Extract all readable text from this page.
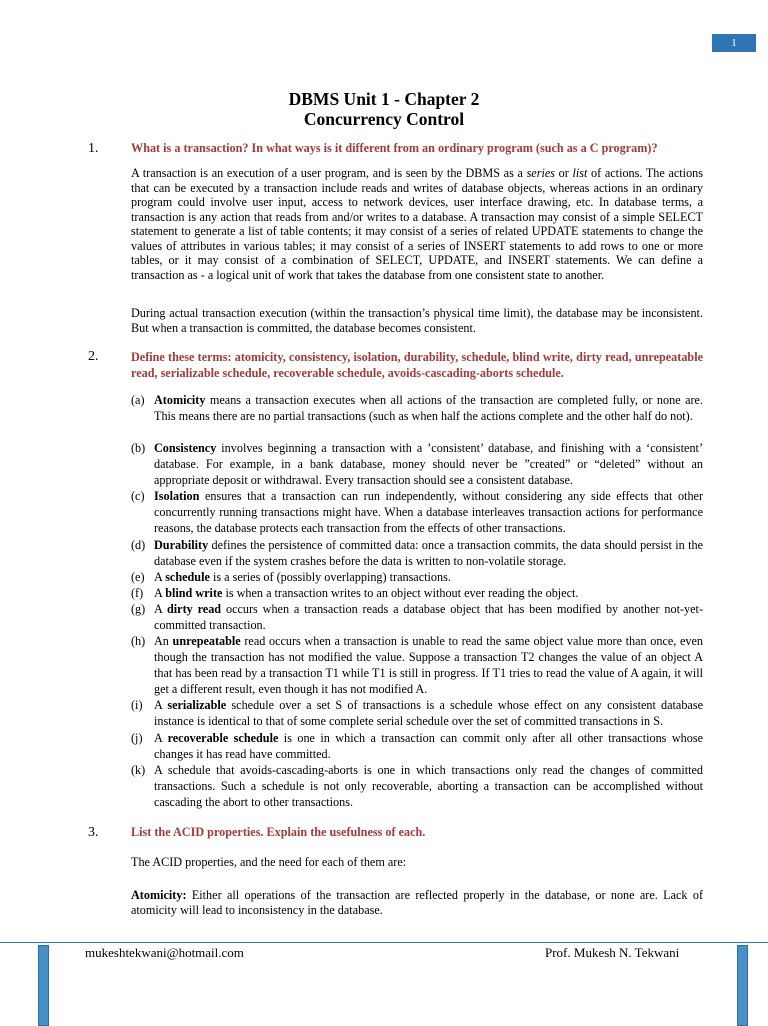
1
DBMS Unit 1 - Chapter 2
Concurrency Control
1.	What is a transaction? In what ways is it different from an ordinary program (such as a C program)?

A transaction is an execution of a user program, and is seen by the DBMS as a series or list of actions. The actions that can be executed by a transaction include reads and writes of database objects, whereas actions in an ordinary program could involve user input, access to network devices, user interface drawing, etc. In database terms, a transaction is any action that reads from and/or writes to a database. A transaction may consist of a simple SELECT statement to generate a list of table contents; it may consist of a series of related UPDATE statements to change the values of attributes in various tables; it may consist of a series of INSERT statements to add rows to one or more tables, or it may consist of a combination of SELECT, UPDATE, and INSERT statements. We can define a transaction as - a logical unit of work that takes the database from one consistent state to another.

During actual transaction execution (within the transaction’s physical time limit), the database may be inconsistent. But when a transaction is committed, the database becomes consistent.

2.	Define these terms: atomicity, consistency, isolation, durability, schedule, blind write, dirty read, unrepeatable read, serializable schedule, recoverable schedule, avoids-cascading-aborts schedule.
(a) Atomicity means a transaction executes when all actions of the transaction are completed fully, or none are. This means there are no partial transactions (such as when half the actions complete and the other half do not).
(b) Consistency involves beginning a transaction with a ’consistent’ database, and finishing with a ‘consistent’ database. For example, in a bank database, money should never be ”created” or “deleted” without an appropriate deposit or withdrawal. Every transaction should see a consistent database.
(c) Isolation ensures that a transaction can run independently, without considering any side effects that other concurrently running transactions might have. When a database interleaves transaction actions for performance reasons, the database protects each transaction from the effects of other transactions.
(d) Durability defines the persistence of committed data: once a transaction commits, the data should persist in the database even if the system crashes before the data is written to non-volatile storage.
(e) A schedule is a series of (possibly overlapping) transactions.
(f) A blind write is when a transaction writes to an object without ever reading the object.
(g) A dirty read occurs when a transaction reads a database object that has been modified by another not-yet-committed transaction.
(h) An unrepeatable read occurs when a transaction is unable to read the same object value more than once, even though the transaction has not modified the value. Suppose a transaction T2 changes the value of an object A that has been read by a transaction T1 while T1 is still in progress. If T1 tries to read the value of A again, it will get a different result, even though it has not modified A.
(i) A serializable schedule over a set S of transactions is a schedule whose effect on any consistent database instance is identical to that of some complete serial schedule over the set of committed transactions in S.
(j) A recoverable schedule is one in which a transaction can commit only after all other transactions whose changes it has read have committed.
(k) A schedule that avoids-cascading-aborts is one in which transactions only read the changes of committed transactions. Such a schedule is not only recoverable, aborting a transaction can be accomplished without cascading the abort to other transactions.
3.	List the ACID properties. Explain the usefulness of each.

The ACID properties, and the need for each of them are:

Atomicity: Either all operations of the transaction are reflected properly in the database, or none are. Lack of atomicity will lead to inconsistency in the database.

mukeshtekwani@hotmail.com	Prof. Mukesh N. Tekwani
